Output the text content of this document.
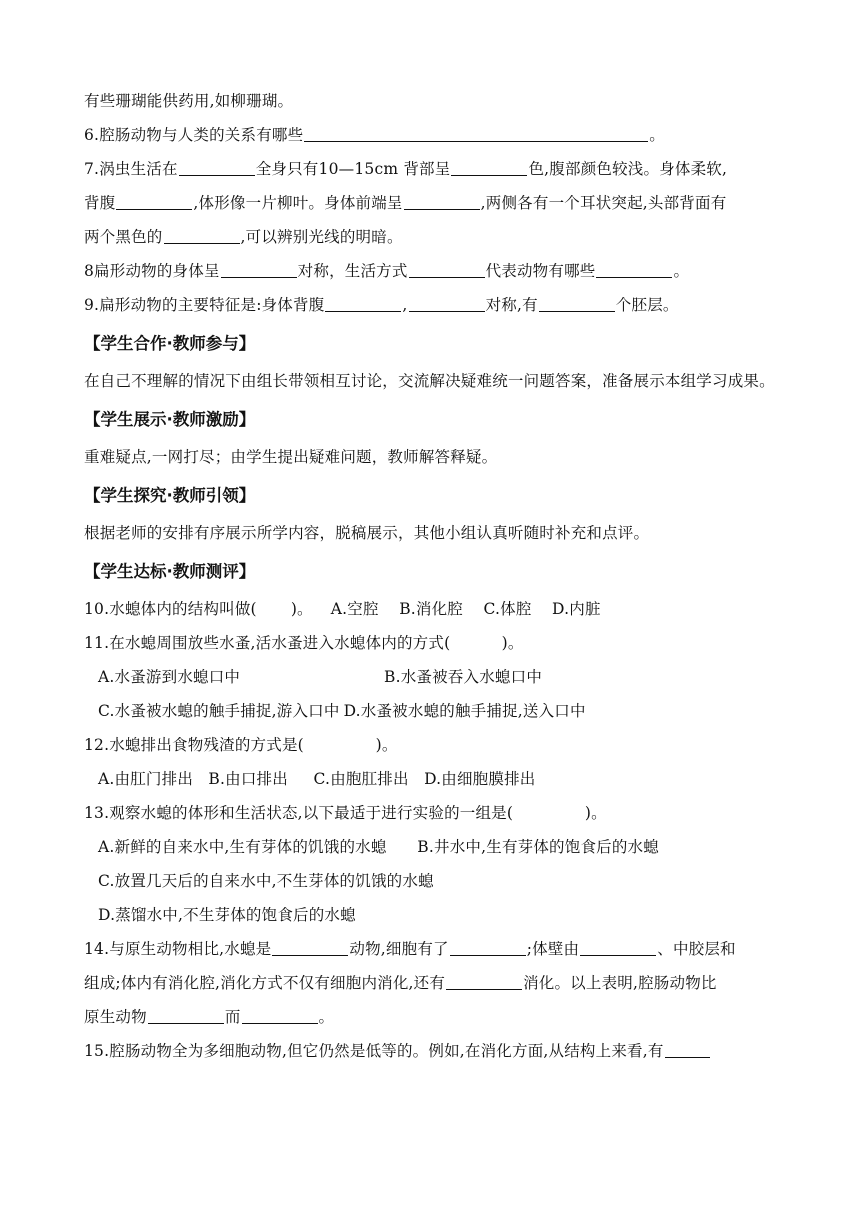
有些珊瑚能供药用,如柳珊瑚。
6.腔肠动物与人类的关系有哪些	。
7.涡虫生活在	全身只有10—15cm 背部呈	色,腹部颜色较浅。身体柔软,
背腹	,体形像一片柳叶。身体前端呈	,两侧各有一个耳状突起,头部背面有
两个黑色的	,可以辨别光线的明暗。
8扁形动物的身体呈	对称，生活方式	代表动物有哪些	。
9.扁形动物的主要特征是:身体背腹	,	对称,有	个胚层。
【学生合作·教师参与】
在自己不理解的情况下由组长带领相互讨论，交流解决疑难统一问题答案，准备展示本组学习成果。
【学生展示·教师激励】
重难疑点,一网打尽；由学生提出疑难问题，教师解答释疑。
【学生探究·教师引领】
根据老师的安排有序展示所学内容，脱稿展示，其他小组认真听随时补充和点评。
【学生达标·教师测评】
10.水螅体内的结构叫做( )。 A.空腔    B.消化腔    C.体腔    D.内脏
11.在水螅周围放些水蚤,活水蚤进入水螅体内的方式(          )。
A.水蚤游到水螅口中	B.水蚤被吞入水螅口中
C.水蚤被水螅的触手捕捉,游入口中 D.水蚤被水螅的触手捕捉,送入口中
12.水螅排出食物残渣的方式是(              )。
A.由肛门排出   B.由口排出     C.由胞肛排出   D.由细胞膜排出
13.观察水螅的体形和生活状态,以下最适于进行实验的一组是(              )。
A.新鲜的自来水中,生有芽体的饥饿的水螅      B.井水中,生有芽体的饱食后的水螅
C.放置几天后的自来水中,不生芽体的饥饿的水螅
D.蒸馏水中,不生芽体的饱食后的水螅
14.与原生动物相比,水螅是	动物,细胞有了	;体壁由	、中胶层和
组成;体内有消化腔,消化方式不仅有细胞内消化,还有	消化。以上表明,腔肠动物比
原生动物	而	。
15.腔肠动物全为多细胞动物,但它仍然是低等的。例如,在消化方面,从结构上来看,有
